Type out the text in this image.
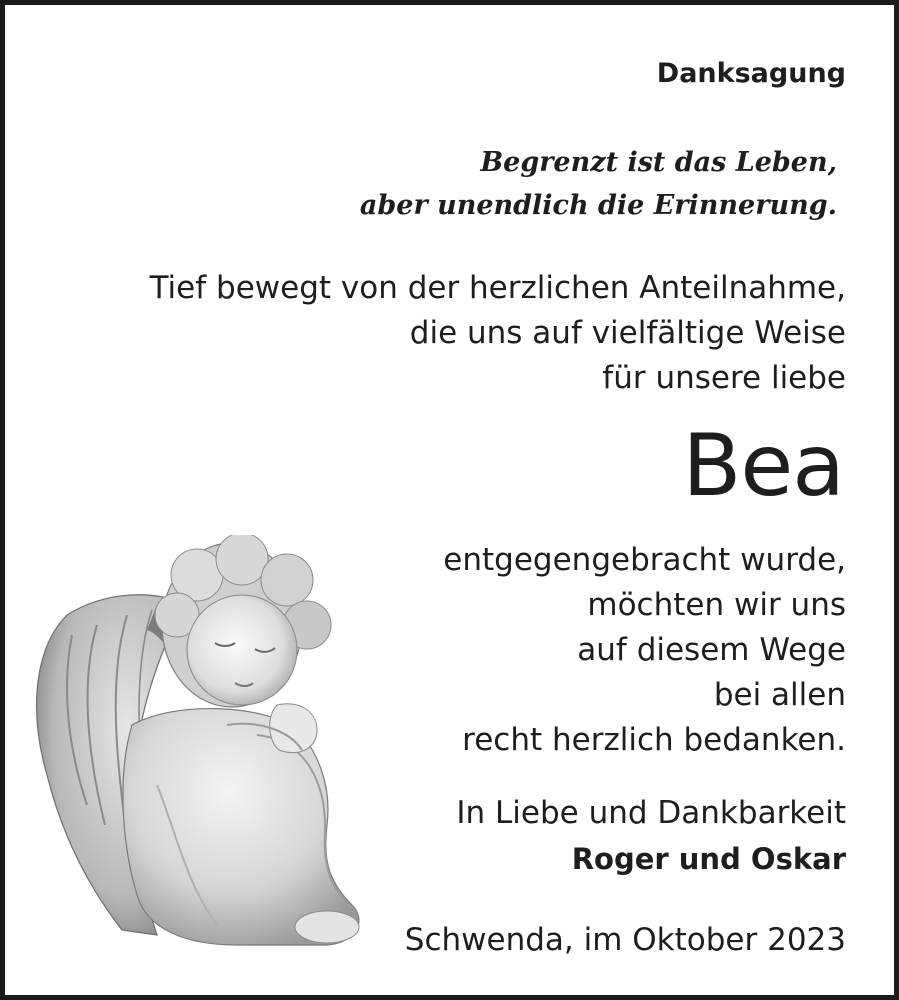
Danksagung
Begrenzt ist das Leben,
aber unendlich die Erinnerung.
Tief bewegt von der herzlichen Anteilnahme,
die uns auf vielfältige Weise
für unsere liebe
Bea
entgegengebracht wurde,
möchten wir uns
auf diesem Wege
bei allen
recht herzlich bedanken.
In Liebe und Dankbarkeit
Roger und Oskar
Schwenda, im Oktober 2023
